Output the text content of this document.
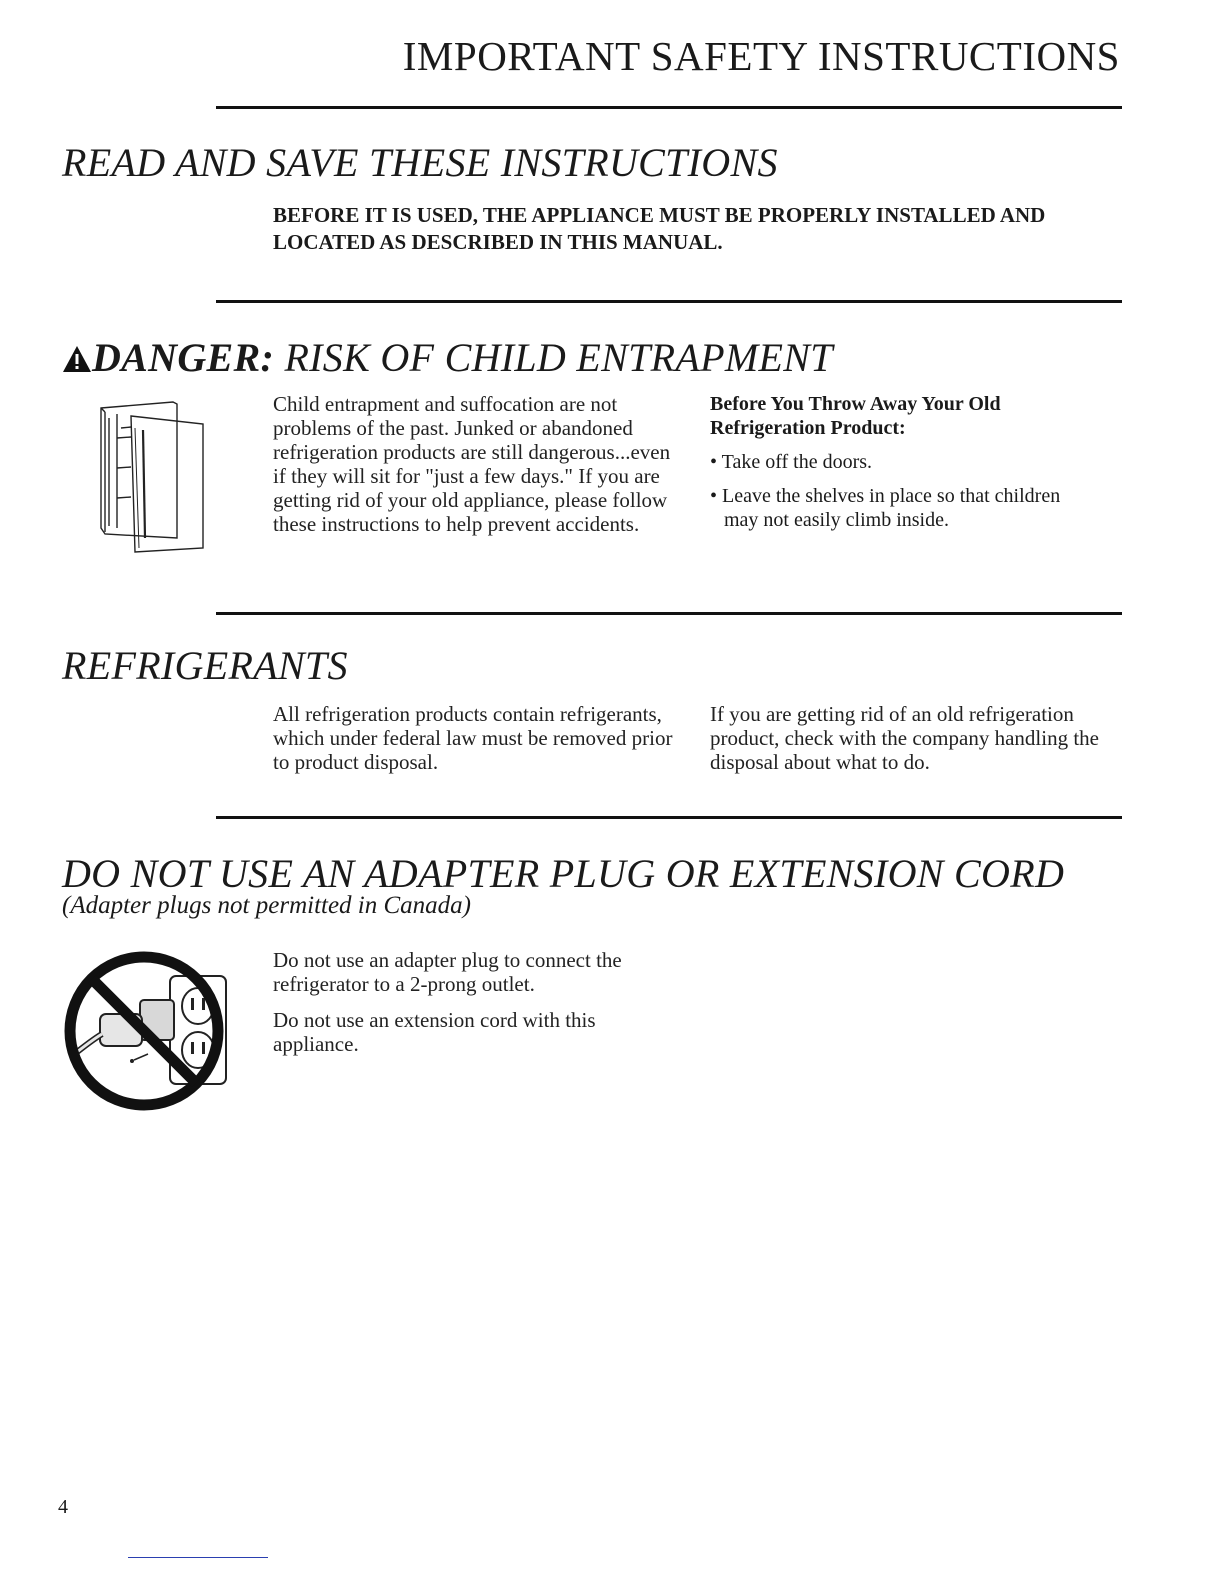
IMPORTANT SAFETY INSTRUCTIONS
READ AND SAVE THESE INSTRUCTIONS
BEFORE IT IS USED, THE APPLIANCE MUST BE PROPERLY INSTALLED AND LOCATED AS DESCRIBED IN THIS MANUAL.
DANGER: RISK OF CHILD ENTRAPMENT
Child entrapment and suffocation are not problems of the past. Junked or abandoned refrigeration products are still dangerous...even if they will sit for "just a few days." If you are getting rid of your old appliance, please follow these instructions to help prevent accidents.
Before You Throw Away Your Old Refrigeration Product:
• Take off the doors.
• Leave the shelves in place so that children may not easily climb inside.
REFRIGERANTS
All refrigeration products contain refrigerants, which under federal law must be removed prior to product disposal.
If you are getting rid of an old refrigeration product, check with the company handling the disposal about what to do.
DO NOT USE AN ADAPTER PLUG OR EXTENSION CORD
(Adapter plugs not permitted in Canada)
Do not use an adapter plug to connect the refrigerator to a 2-prong outlet.
Do not use an extension cord with this appliance.
4
